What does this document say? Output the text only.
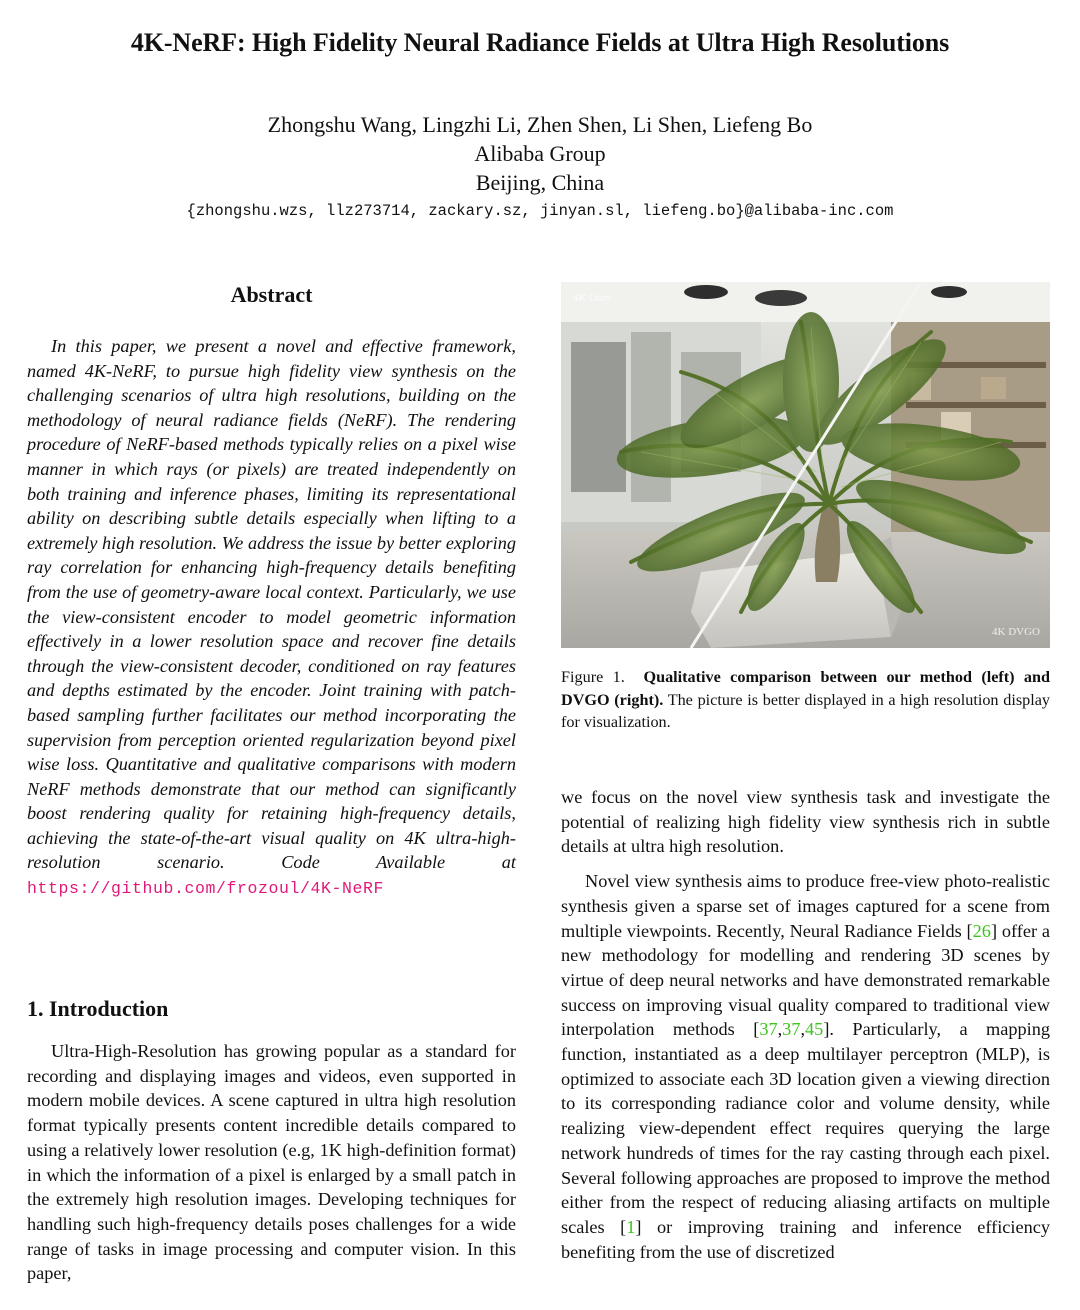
4K-NeRF: High Fidelity Neural Radiance Fields at Ultra High Resolutions
Zhongshu Wang, Lingzhi Li, Zhen Shen, Li Shen, Liefeng Bo
Alibaba Group
Beijing, China
{zhongshu.wzs, llz273714, zackary.sz, jinyan.sl, liefeng.bo}@alibaba-inc.com
Abstract
In this paper, we present a novel and effective framework, named 4K-NeRF, to pursue high fidelity view synthesis on the challenging scenarios of ultra high resolutions, building on the methodology of neural radiance fields (NeRF). The rendering procedure of NeRF-based methods typically relies on a pixel wise manner in which rays (or pixels) are treated independently on both training and inference phases, limiting its representational ability on describing subtle details especially when lifting to a extremely high resolution. We address the issue by better exploring ray correlation for enhancing high-frequency details benefiting from the use of geometry-aware local context. Particularly, we use the view-consistent encoder to model geometric information effectively in a lower resolution space and recover fine details through the view-consistent decoder, conditioned on ray features and depths estimated by the encoder. Joint training with patch-based sampling further facilitates our method incorporating the supervision from perception oriented regularization beyond pixel wise loss. Quantitative and qualitative comparisons with modern NeRF methods demonstrate that our method can significantly boost rendering quality for retaining high-frequency details, achieving the state-of-the-art visual quality on 4K ultra-high-resolution scenario. Code Available at https://github.com/frozoul/4K-NeRF
1. Introduction
Ultra-High-Resolution has growing popular as a standard for recording and displaying images and videos, even supported in modern mobile devices. A scene captured in ultra high resolution format typically presents content incredible details compared to using a relatively lower resolution (e.g, 1K high-definition format) in which the information of a pixel is enlarged by a small patch in the extremely high resolution images. Developing techniques for handling such high-frequency details poses challenges for a wide range of tasks in image processing and computer vision. In this paper,
4K Ours
4K DVGO
Figure 1. Qualitative comparison between our method (left) and DVGO (right). The picture is better displayed in a high resolution display for visualization.

we focus on the novel view synthesis task and investigate the potential of realizing high fidelity view synthesis rich in subtle details at ultra high resolution.

Novel view synthesis aims to produce free-view photo-realistic synthesis given a sparse set of images captured for a scene from multiple viewpoints. Recently, Neural Radiance Fields [26] offer a new methodology for modelling and rendering 3D scenes by virtue of deep neural networks and have demonstrated remarkable success on improving visual quality compared to traditional view interpolation methods [37,37,45]. Particularly, a mapping function, instantiated as a deep multilayer perceptron (MLP), is optimized to associate each 3D location given a viewing direction to its corresponding radiance color and volume density, while realizing view-dependent effect requires querying the large network hundreds of times for the ray casting through each pixel. Several following approaches are proposed to improve the method either from the respect of reducing aliasing artifacts on multiple scales [1] or improving training and inference efficiency benefiting from the use of discretized
